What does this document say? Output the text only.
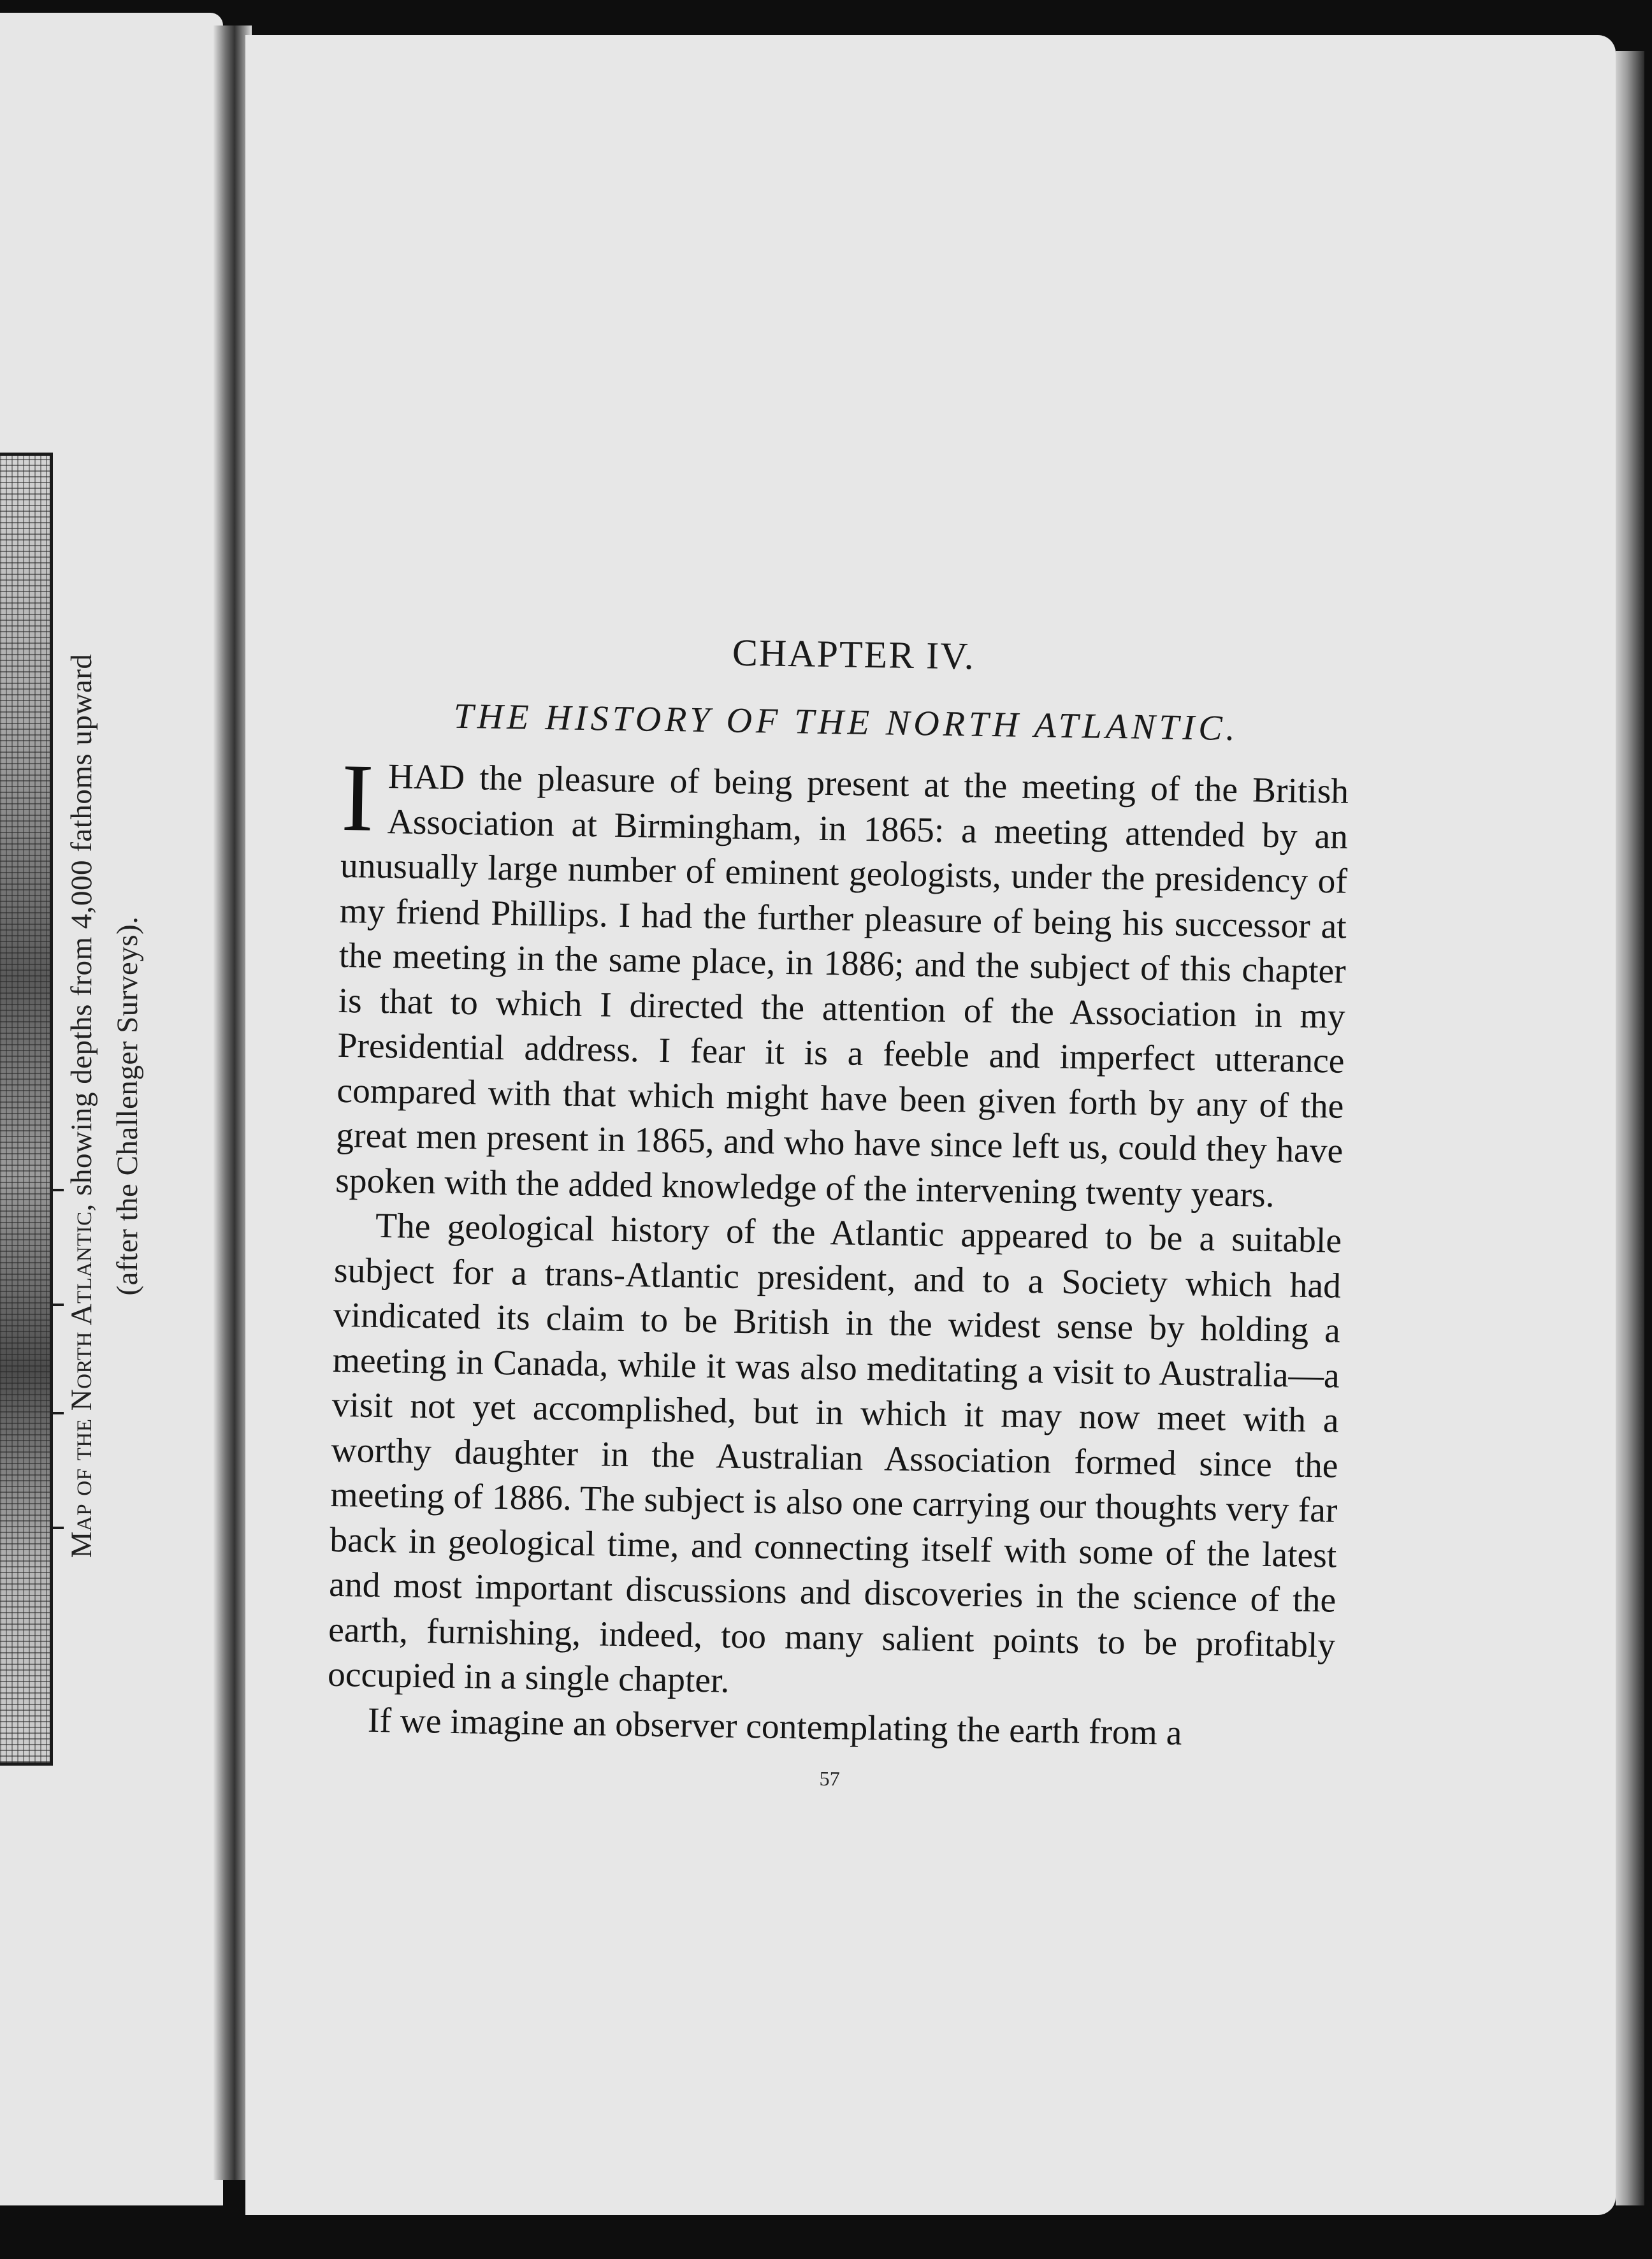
Map of the North Atlantic, showing depths from 4,000 fathoms upward (after the Challenger Surveys).
CHAPTER IV.
THE HISTORY OF THE NORTH ATLANTIC.

IHAD the pleasure of being present at the meeting of the British Association at Birmingham, in 1865: a meeting attended by an unusually large number of eminent geologists, under the presidency of my friend Phillips. I had the further pleasure of being his successor at the meeting in the same place, in 1886; and the subject of this chapter is that to which I directed the attention of the Association in my Presidential address. I fear it is a feeble and imperfect utterance compared with that which might have been given forth by any of the great men present in 1865, and who have since left us, could they have spoken with the added knowledge of the intervening twenty years.

The geological history of the Atlantic appeared to be a suitable subject for a trans-Atlantic president, and to a Society which had vindicated its claim to be British in the widest sense by holding a meeting in Canada, while it was also meditating a visit to Australia—a visit not yet accomplished, but in which it may now meet with a worthy daughter in the Australian Association formed since the meeting of 1886. The subject is also one carrying our thoughts very far back in geological time, and connecting itself with some of the latest and most important discussions and discoveries in the science of the earth, furnishing, indeed, too many salient points to be profitably occupied in a single chapter.

If we imagine an observer contemplating the earth from a

57
